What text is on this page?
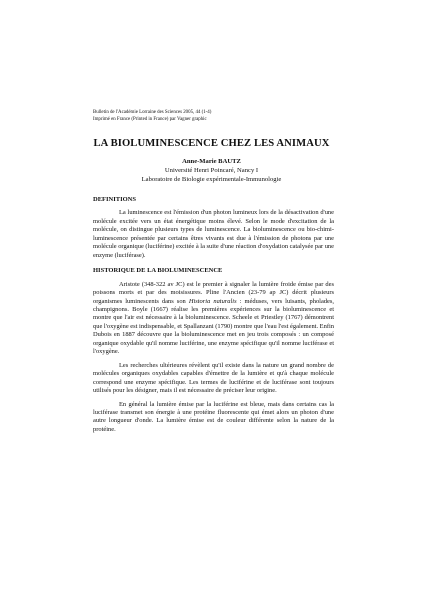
Bulletin de l'Académie Lorraine des Sciences 2005, 44 (1-4)

Imprimé en France (Printed in France) par Vagner graphic

LA BIOLUMINESCENCE CHEZ LES ANIMAUX

Anne-Marie BAUTZ

Université Henri Poincaré, Nancy I

Laboratoire de Biologie expérimentale-Immunologie

DEFINITIONS

La luminescence est l'émission d'un photon lumineux lors de la désactivation d'une molécule excitée vers un état énergétique moins élevé. Selon le mode d'excitation de la molécule, on distingue plusieurs types de luminescence. La bioluminescence ou bio-chimi-luminescence présentée par certains êtres vivants est due à l'émission de photons par une molécule organique (luciférine) excitée à la suite d'une réaction d'oxydation catalysée par une enzyme (luciférase).

HISTORIQUE DE LA BIOLUMINESCENCE

Aristote (348-322 av JC) est le premier à signaler la lumière froide émise par des poissons morts et par des moisissures. Pline l'Ancien (23-79 ap JC) décrit plusieurs organismes luminescents dans son Historia naturalis : méduses, vers luisants, pholades, champignons. Boyle (1667) réalise les premières expériences sur la bioluminescence et montre que l'air est nécessaire à la bioluminescence. Scheele et Priestley (1767) démontrent que l'oxygène est indispensable, et Spallanzani (1790) montre que l'eau l'est également. Enfin Dubois en 1887 découvre que la bioluminescence met en jeu trois composés : un composé organique oxydable qu'il nomme luciférine, une enzyme spécifique qu'il nomme luciférase et l'oxygène.

Les recherches ultérieures révèlent qu'il existe dans la nature un grand nombre de molécules organiques oxydables capables d'émettre de la lumière et qu'à chaque molécule correspond une enzyme spécifique. Les termes de luciférine et de luciférase sont toujours utilisés pour les désigner, mais il est nécessaire de préciser leur origine.

En général la lumière émise par la luciférine est bleue, mais dans certains cas la luciférase transmet son énergie à une protéine fluorescente qui émet alors un photon d'une autre longueur d'onde. La lumière émise est de couleur différente selon la nature de la protéine.
